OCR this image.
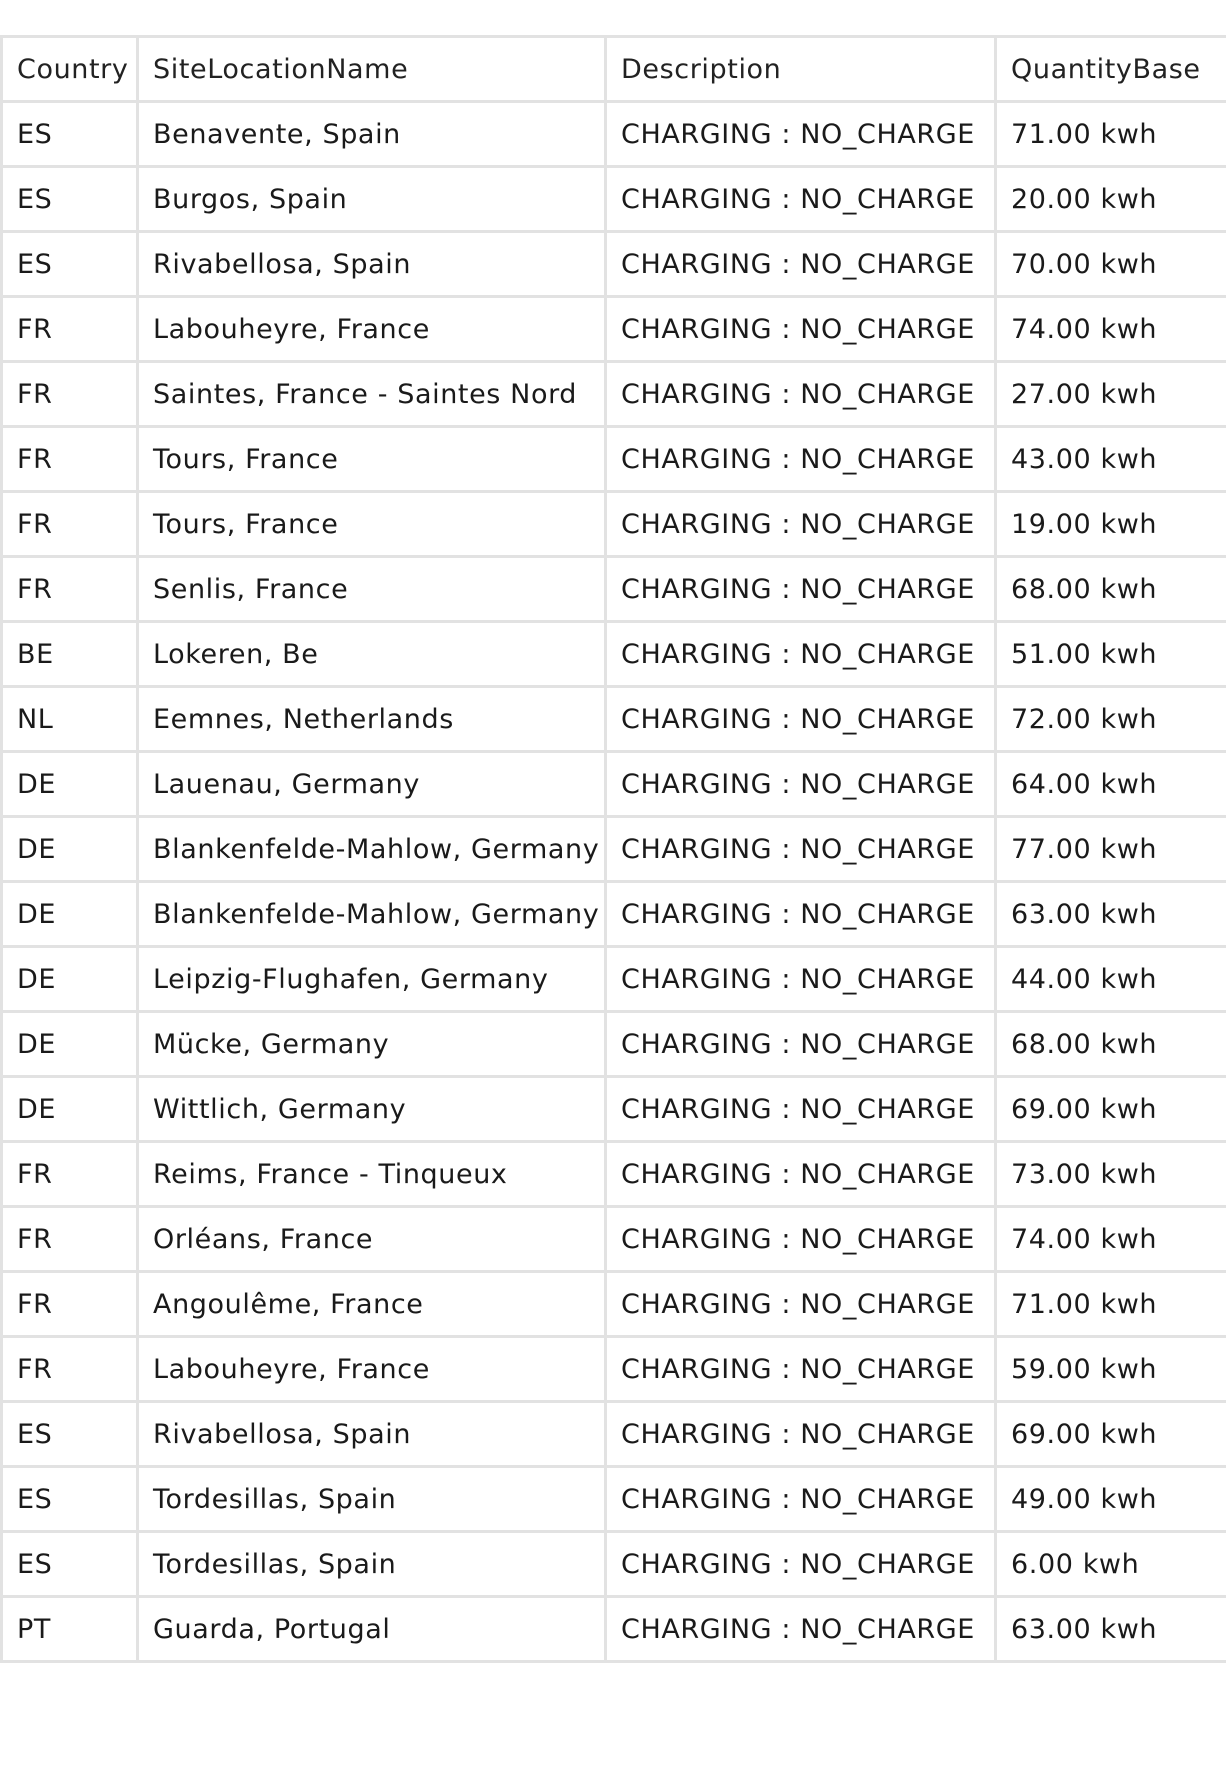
	Country	SiteLocationName	Description	QuantityBase
	ES	Benavente, Spain	CHARGING : NO_CHARGE	71.00 kwh
	ES	Burgos, Spain	CHARGING : NO_CHARGE	20.00 kwh
	ES	Rivabellosa, Spain	CHARGING : NO_CHARGE	70.00 kwh
	FR	Labouheyre, France	CHARGING : NO_CHARGE	74.00 kwh
	FR	Saintes, France - Saintes Nord	CHARGING : NO_CHARGE	27.00 kwh
	FR	Tours, France	CHARGING : NO_CHARGE	43.00 kwh
	FR	Tours, France	CHARGING : NO_CHARGE	19.00 kwh
	FR	Senlis, France	CHARGING : NO_CHARGE	68.00 kwh
	BE	Lokeren, Be	CHARGING : NO_CHARGE	51.00 kwh
	NL	Eemnes, Netherlands	CHARGING : NO_CHARGE	72.00 kwh
	DE	Lauenau, Germany	CHARGING : NO_CHARGE	64.00 kwh
	DE	Blankenfelde-Mahlow, Germany	CHARGING : NO_CHARGE	77.00 kwh
	DE	Blankenfelde-Mahlow, Germany	CHARGING : NO_CHARGE	63.00 kwh
	DE	Leipzig-Flughafen, Germany	CHARGING : NO_CHARGE	44.00 kwh
	DE	Mücke, Germany	CHARGING : NO_CHARGE	68.00 kwh
	DE	Wittlich, Germany	CHARGING : NO_CHARGE	69.00 kwh
	FR	Reims, France - Tinqueux	CHARGING : NO_CHARGE	73.00 kwh
	FR	Orléans, France	CHARGING : NO_CHARGE	74.00 kwh
	FR	Angoulême, France	CHARGING : NO_CHARGE	71.00 kwh
	FR	Labouheyre, France	CHARGING : NO_CHARGE	59.00 kwh
	ES	Rivabellosa, Spain	CHARGING : NO_CHARGE	69.00 kwh
	ES	Tordesillas, Spain	CHARGING : NO_CHARGE	49.00 kwh
	ES	Tordesillas, Spain	CHARGING : NO_CHARGE	6.00 kwh
	PT	Guarda, Portugal	CHARGING : NO_CHARGE	63.00 kwh
